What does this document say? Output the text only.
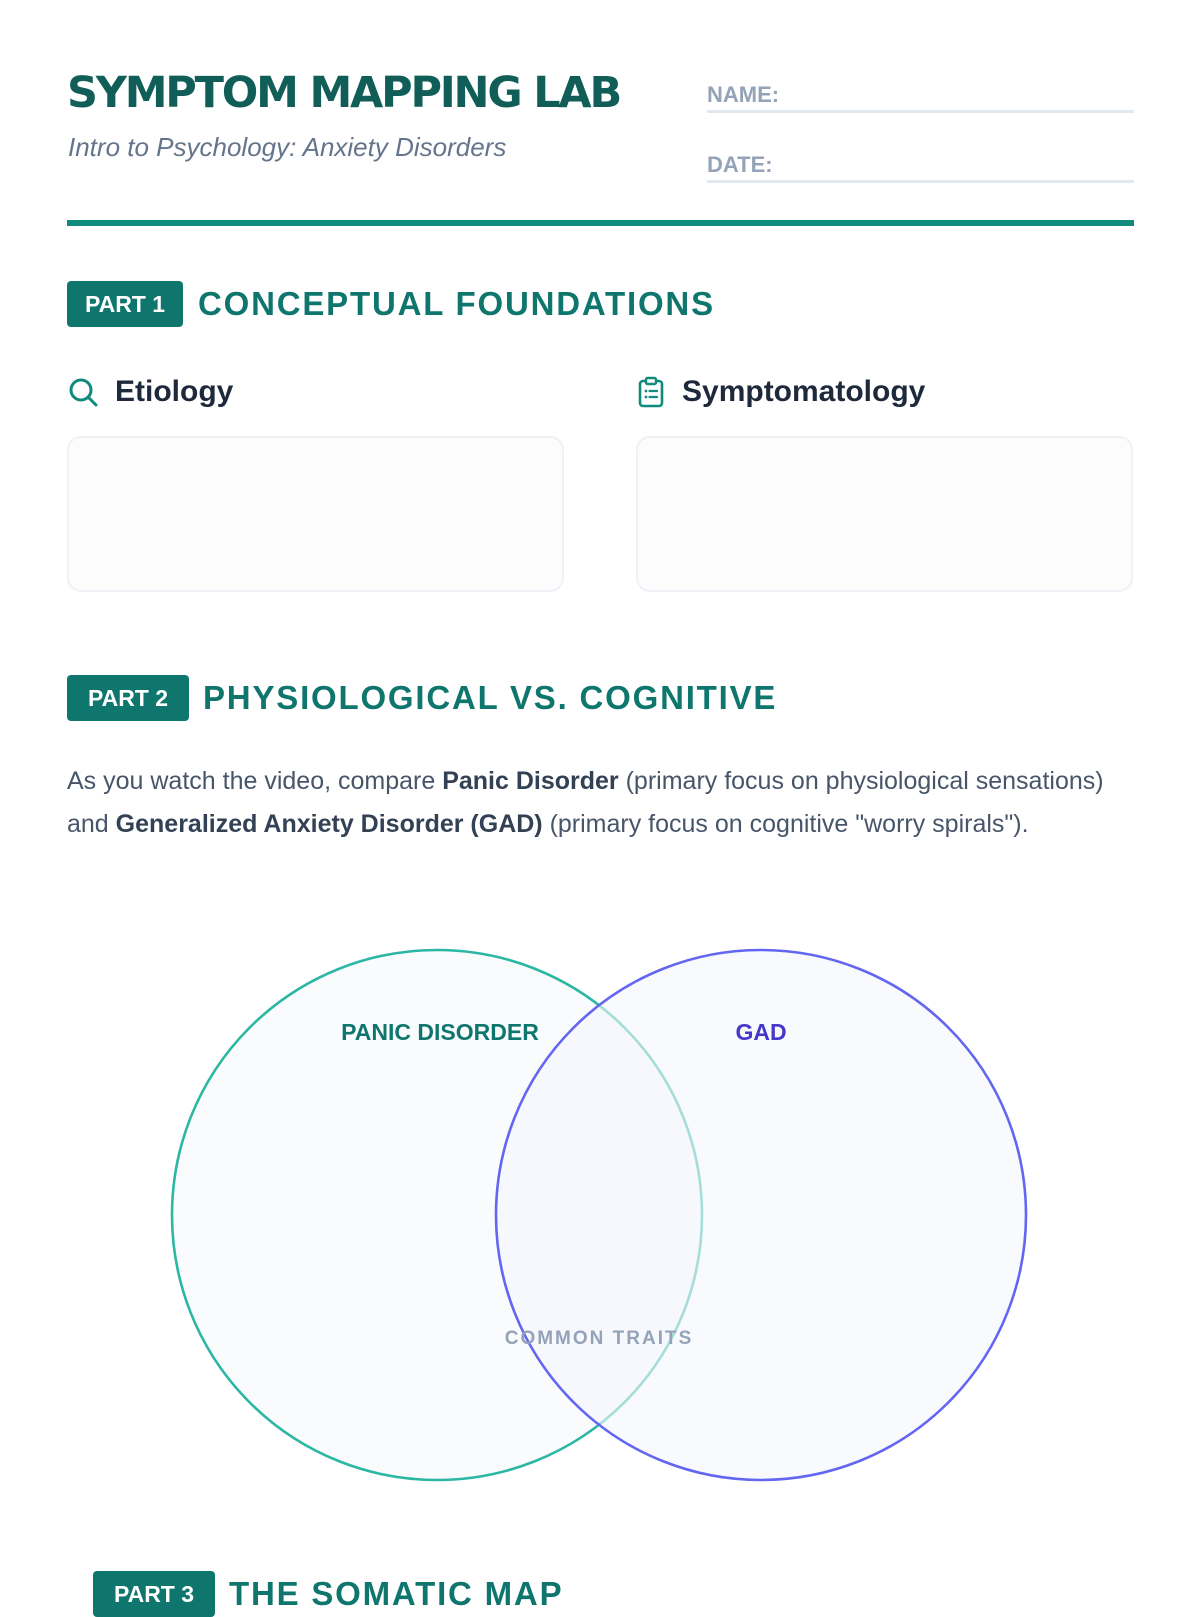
SYMPTOM MAPPING LAB

Intro to Psychology: Anxiety Disorders

NAME:
DATE:
PART 1 CONCEPTUAL FOUNDATIONS
Etiology	Symptomatology
PART 2	PHYSIOLOGICAL VS. COGNITIVE

As you watch the video, compare Panic Disorder (primary focus on physiological sensations) and Generalized Anxiety Disorder (GAD) (primary focus on cognitive "worry spirals").

PANIC DISORDER	GAD
COMMON TRAITS
PART 3	THE SOMATIC MAP
